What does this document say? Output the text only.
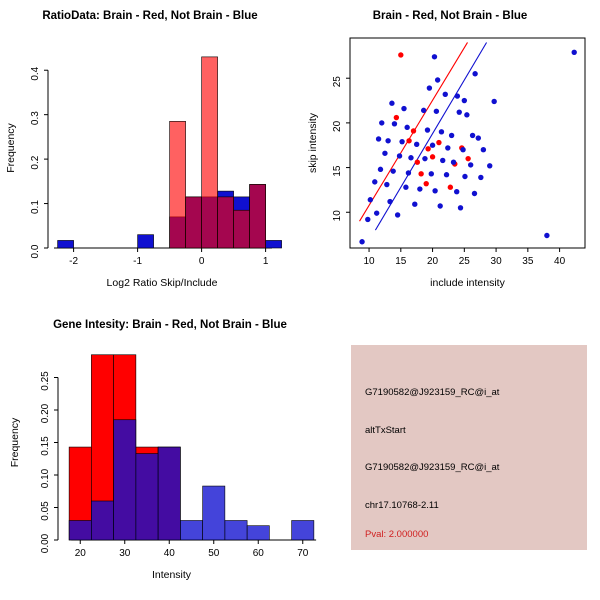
RatioData: Brain - Red, Not Brain - Blue
-2	-1	0	1
0.0
0.1
0.2
0.3
0.4
Log2 Ratio Skip/Include
Frequency
Brain - Red, Not Brain - Blue
10 15 20 25 30 35 40
10
15
20
25
include intensity
skip intensity
Gene Intesity: Brain - Red, Not Brain - Blue
20	30	40	50	60	70
0.00
0.05
0.10
0.15
0.20
0.25
Intensity
Frequency
G7190582@J923159_RC@i_at
altTxStart
G7190582@J923159_RC@i_at
chr17.10768-2.11
Pval: 2.000000
